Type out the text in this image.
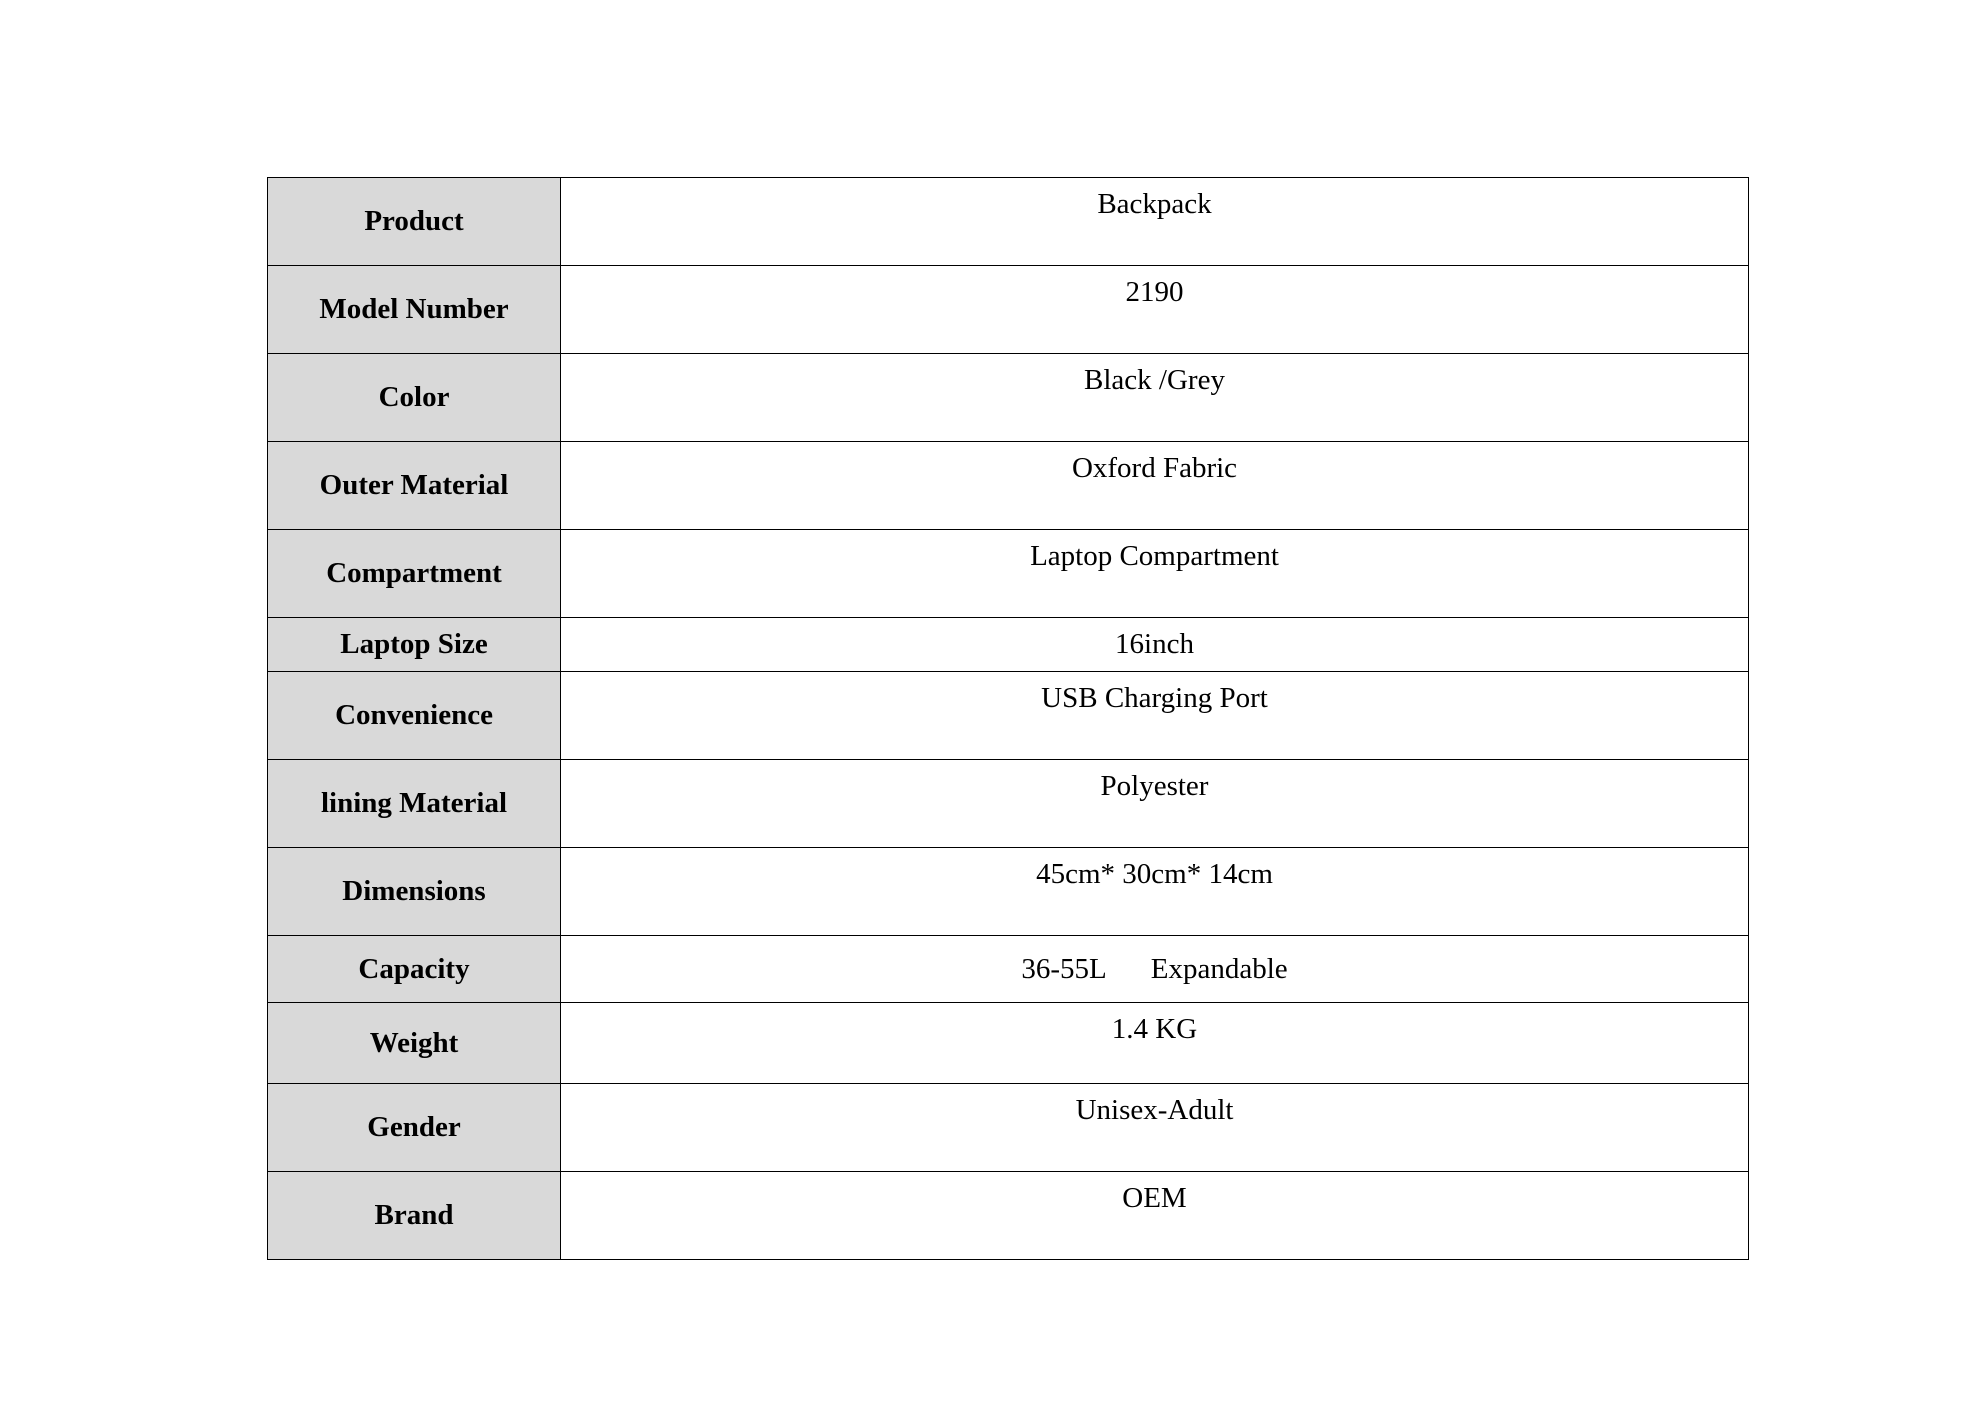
Product	Backpack
Model Number	2190
Color	Black /Grey
Outer Material	Oxford Fabric
Compartment	Laptop Compartment
Laptop Size	16inch
Convenience	USB Charging Port
lining Material	Polyester
Dimensions	45cm* 30cm* 14cm
Capacity	36-55L Expandable
Weight	1.4 KG
Gender	Unisex-Adult
Brand	OEM
